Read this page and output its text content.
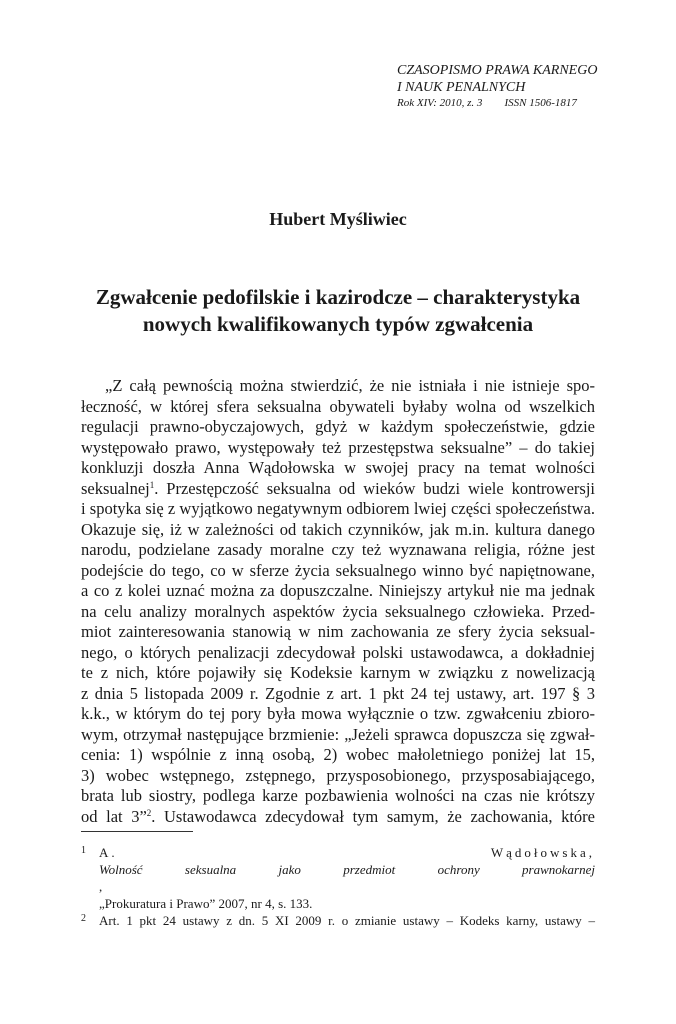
CZASOPISMO PRAWA KARNEGO
I NAUK PENALNYCH
Rok XIV: 2010, z. 3 ISSN 1506-1817
Hubert Myśliwiec
Zgwałcenie pedofilskie i kazirodcze – charakterystyka
nowych kwalifikowanych typów zgwałcenia
„Z całą pewnością można stwierdzić, że nie istniała i nie istnieje spo-
łeczność, w której sfera seksualna obywateli byłaby wolna od wszelkich
regulacji prawno-obyczajowych, gdyż w każdym społeczeństwie, gdzie
występowało prawo, występowały też przestępstwa seksualne” – do takiej
konkluzji doszła Anna Wądołowska w swojej pracy na temat wolności
seksualnej$^1$. Przestępczość seksualna od wieków budzi wiele kontrowersji
i spotyka się z wyjątkowo negatywnym odbiorem lwiej części społeczeństwa.
Okazuje się, iż w zależności od takich czynników, jak m.in. kultura danego
narodu, podzielane zasady moralne czy też wyznawana religia, różne jest
podejście do tego, co w sferze życia seksualnego winno być napiętnowane,
a co z kolei uznać można za dopuszczalne. Niniejszy artykuł nie ma jednak
na celu analizy moralnych aspektów życia seksualnego człowieka. Przed-
miot zainteresowania stanowią w nim zachowania ze sfery życia seksual-
nego, o których penalizacji zdecydował polski ustawodawca, a dokładniej
te z nich, które pojawiły się Kodeksie karnym w związku z nowelizacją
z dnia 5 listopada 2009 r. Zgodnie z art. 1 pkt 24 tej ustawy, art. 197 § 3
k.k., w którym do tej pory była mowa wyłącznie o tzw. zgwałceniu zbioro-
wym, otrzymał następujące brzmienie: „Jeżeli sprawca dopuszcza się zgwał-
cenia: 1) wspólnie z inną osobą, 2) wobec małoletniego poniżej lat 15,
3) wobec wstępnego, zstępnego, przysposobionego, przysposabiającego,
brata lub siostry, podlega karze pozbawienia wolności na czas nie krótszy
od lat 3”$^2$. Ustawodawca zdecydował tym samym, że zachowania, które
1	A. Wądołowska,
Wolność seksualna jako przedmiot ochrony prawnokarnej
,
„Prokuratura i Prawo” 2007, nr 4, s. 133.
2	Art. 1 pkt 24 ustawy z dn. 5 XI 2009 r. o zmianie ustawy – Kodeks karny, ustawy –
